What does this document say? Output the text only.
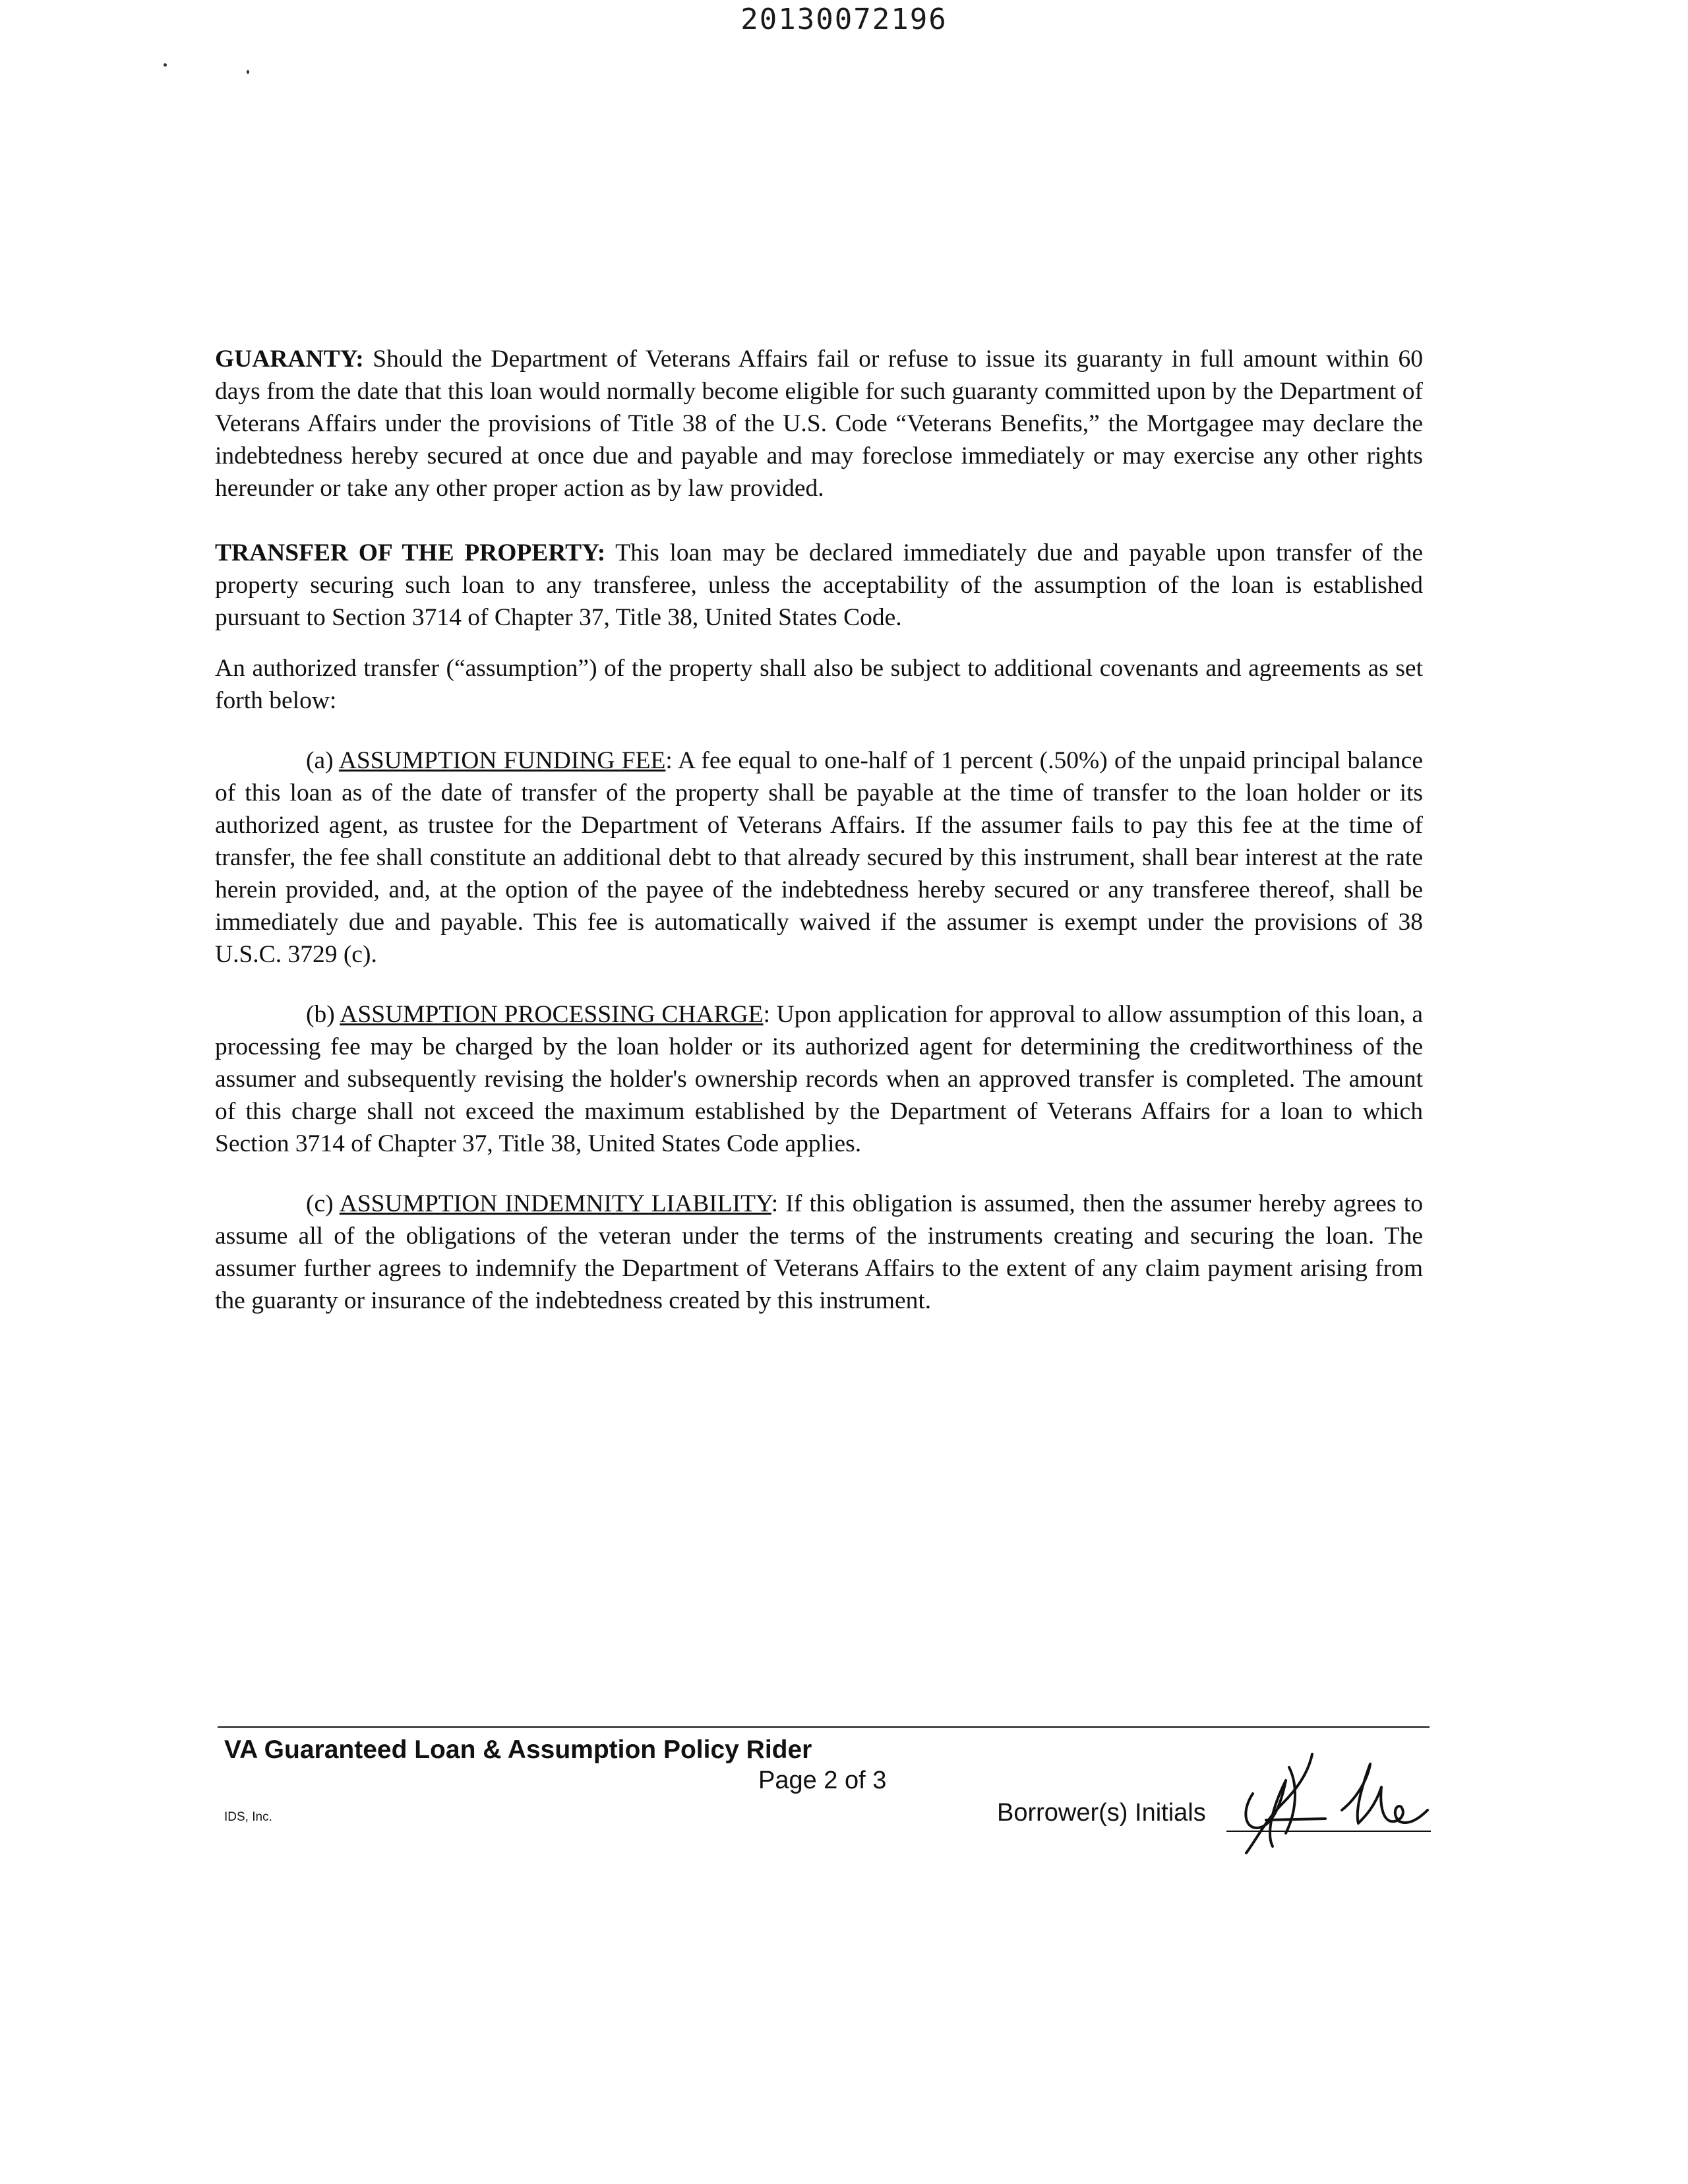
20130072196

GUARANTY: Should the Department of Veterans Affairs fail or refuse to issue its guaranty in full amount within 60 days from the date that this loan would normally become eligible for such guaranty committed upon by the Department of Veterans Affairs under the provisions of Title 38 of the U.S. Code “Veterans Benefits,” the Mortgagee may declare the indebtedness hereby secured at once due and payable and may foreclose immediately or may exercise any other rights hereunder or take any other proper action as by law provided.

TRANSFER OF THE PROPERTY: This loan may be declared immediately due and payable upon transfer of the property securing such loan to any transferee, unless the acceptability of the assumption of the loan is established pursuant to Section 3714 of Chapter 37, Title 38, United States Code.

An authorized transfer (“assumption”) of the property shall also be subject to additional covenants and agreements as set forth below:

(a) ASSUMPTION FUNDING FEE: A fee equal to one-half of 1 percent (.50%) of the unpaid principal balance of this loan as of the date of transfer of the property shall be payable at the time of transfer to the loan holder or its authorized agent, as trustee for the Department of Veterans Affairs. If the assumer fails to pay this fee at the time of transfer, the fee shall constitute an additional debt to that already secured by this instrument, shall bear interest at the rate herein provided, and, at the option of the payee of the indebtedness hereby secured or any transferee thereof, shall be immediately due and payable. This fee is automatically waived if the assumer is exempt under the provisions of 38 U.S.C. 3729 (c).

(b) ASSUMPTION PROCESSING CHARGE: Upon application for approval to allow assumption of this loan, a processing fee may be charged by the loan holder or its authorized agent for determining the creditworthiness of the assumer and subsequently revising the holder's ownership records when an approved transfer is completed. The amount of this charge shall not exceed the maximum established by the Department of Veterans Affairs for a loan to which Section 3714 of Chapter 37, Title 38, United States Code applies.

(c) ASSUMPTION INDEMNITY LIABILITY: If this obligation is assumed, then the assumer hereby agrees to assume all of the obligations of the veteran under the terms of the instruments creating and securing the loan. The assumer further agrees to indemnify the Department of Veterans Affairs to the extent of any claim payment arising from the guaranty or insurance of the indebtedness created by this instrument.

VA Guaranteed Loan & Assumption Policy Rider
Page 2 of 3
IDS, Inc.	Borrower(s) Initials
